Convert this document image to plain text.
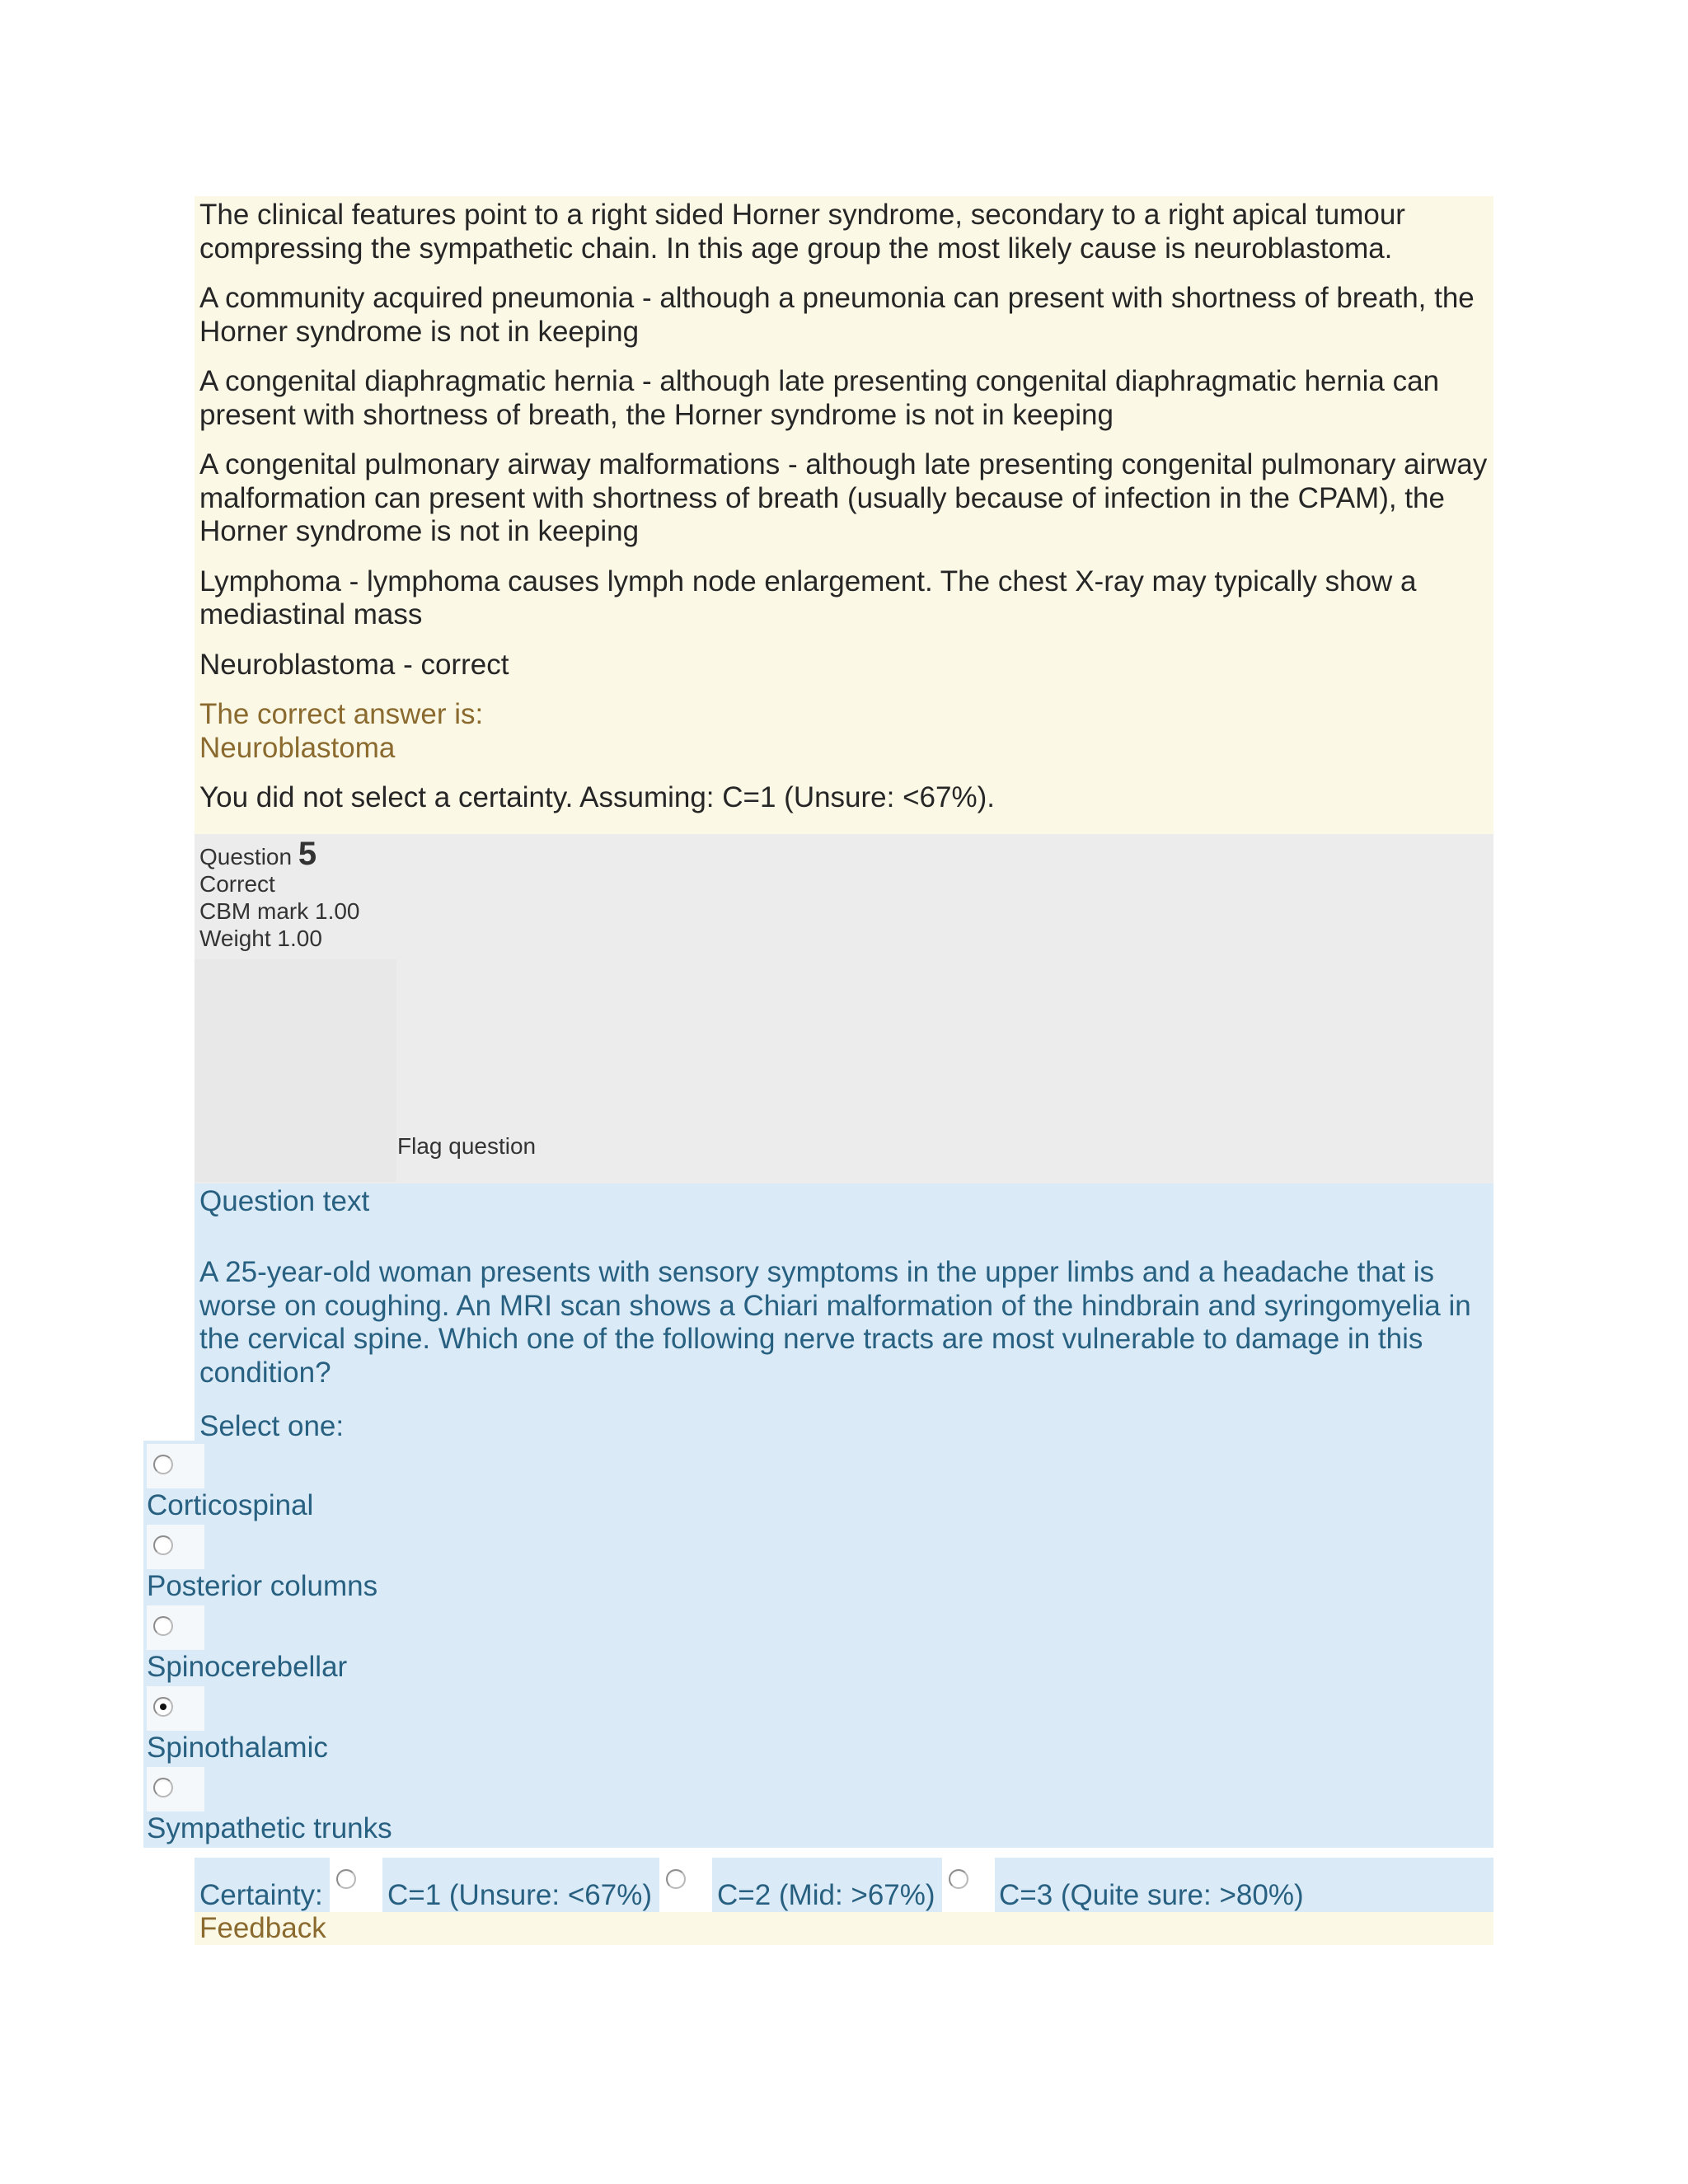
The clinical features point to a right sided Horner syndrome, secondary to a right apical tumour compressing the sympathetic chain. In this age group the most likely cause is neuroblastoma.

A community acquired pneumonia - although a pneumonia can present with shortness of breath, the Horner syndrome is not in keeping

A congenital diaphragmatic hernia - although late presenting congenital diaphragmatic hernia can present with shortness of breath, the Horner syndrome is not in keeping

A congenital pulmonary airway malformations - although late presenting congenital pulmonary airway malformation can present with shortness of breath (usually because of infection in the CPAM), the Horner syndrome is not in keeping

Lymphoma - lymphoma causes lymph node enlargement. The chest X-ray may typically show a mediastinal mass

Neuroblastoma - correct

The correct answer is:
Neuroblastoma

You did not select a certainty. Assuming: C=1 (Unsure: <67%).

Question 5
Correct
CBM mark 1.00
Weight 1.00
Flag question
Question text
A 25-year-old woman presents with sensory symptoms in the upper limbs and a headache that is worse on coughing. An MRI scan shows a Chiari malformation of the hindbrain and syringomyelia in the cervical spine. Which one of the following nerve tracts are most vulnerable to damage in this condition?
Select one:
Corticospinal
Posterior columns
Spinocerebellar
Spinothalamic
Sympathetic trunks
Certainty: C=1 (Unsure: <67%) C=2 (Mid: >67%) C=3 (Quite sure: >80%)
Feedback
